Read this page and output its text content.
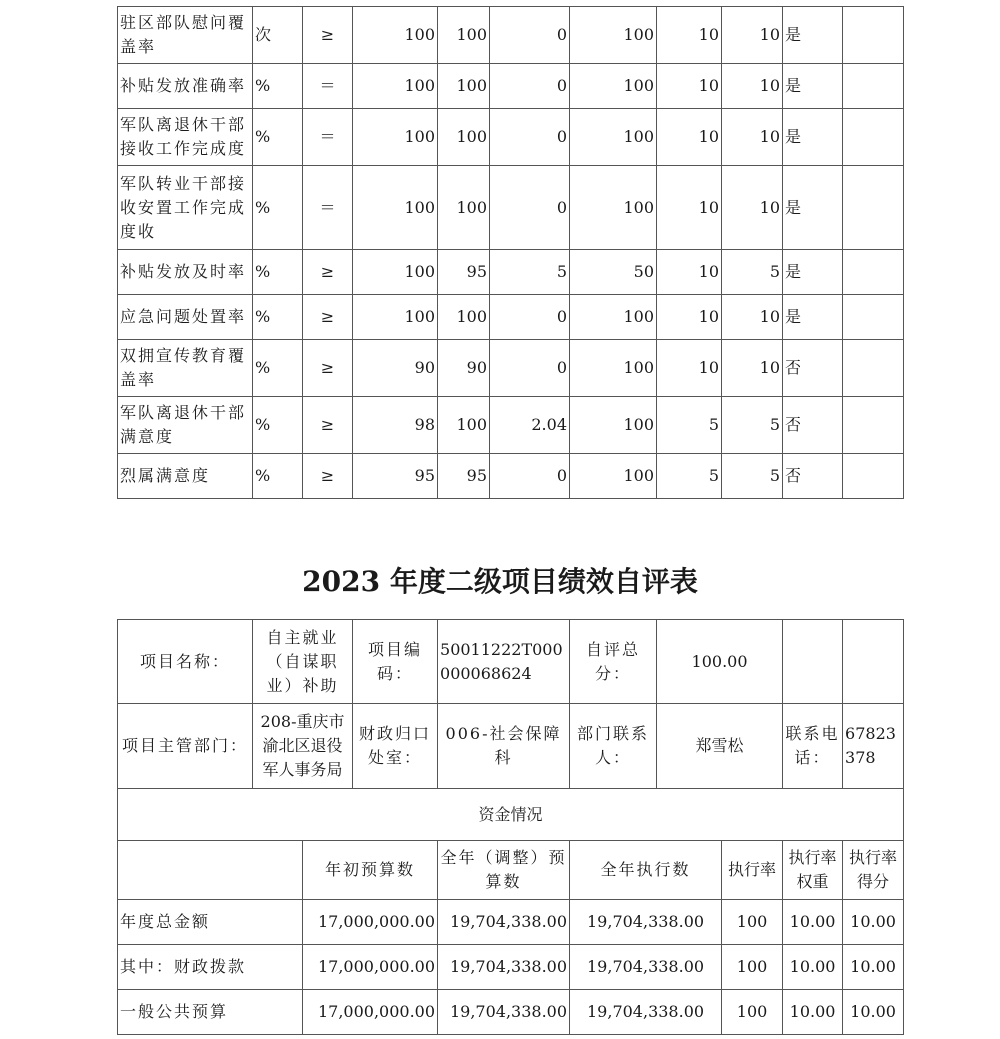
驻区部队慰问覆盖率	次	≥	100	100	0	100	10	10	是	
补贴发放准确率	%	＝	100	100	0	100	10	10	是	
军队离退休干部接收工作完成度	%	＝	100	100	0	100	10	10	是	
军队转业干部接收安置工作完成度收	%	＝	100	100	0	100	10	10	是	
补贴发放及时率	%	≥	100	95	5	50	10	5	是	
应急问题处置率	%	≥	100	100	0	100	10	10	是	
双拥宣传教育覆盖率	%	≥	90	90	0	100	10	10	否	
军队离退休干部满意度	%	≥	98	100	2.04	100	5	5	否	
烈属满意度	%	≥	95	95	0	100	5	5	否	
2023 年度二级项目绩效自评表
项目名称：	自主就业（自谋职业）补助		项目编码：	50011222T000000068624	自评总分：	100.00			
项目主管部门：	208-重庆市渝北区退役军人事务局		财政归口处室：	006-社会保障科	部门联系人：	郑雪松		联系电话：	67823378
资金情况									
		年初预算数		全年（调整）预算数	全年执行数		执行率	执行率权重	执行率得分
年度总金额		17,000,000.00		19,704,338.00	19,704,338.00		100	10.00	10.00
其中：财政拨款		17,000,000.00		19,704,338.00	19,704,338.00		100	10.00	10.00
一般公共预算		17,000,000.00		19,704,338.00	19,704,338.00		100	10.00	10.00
